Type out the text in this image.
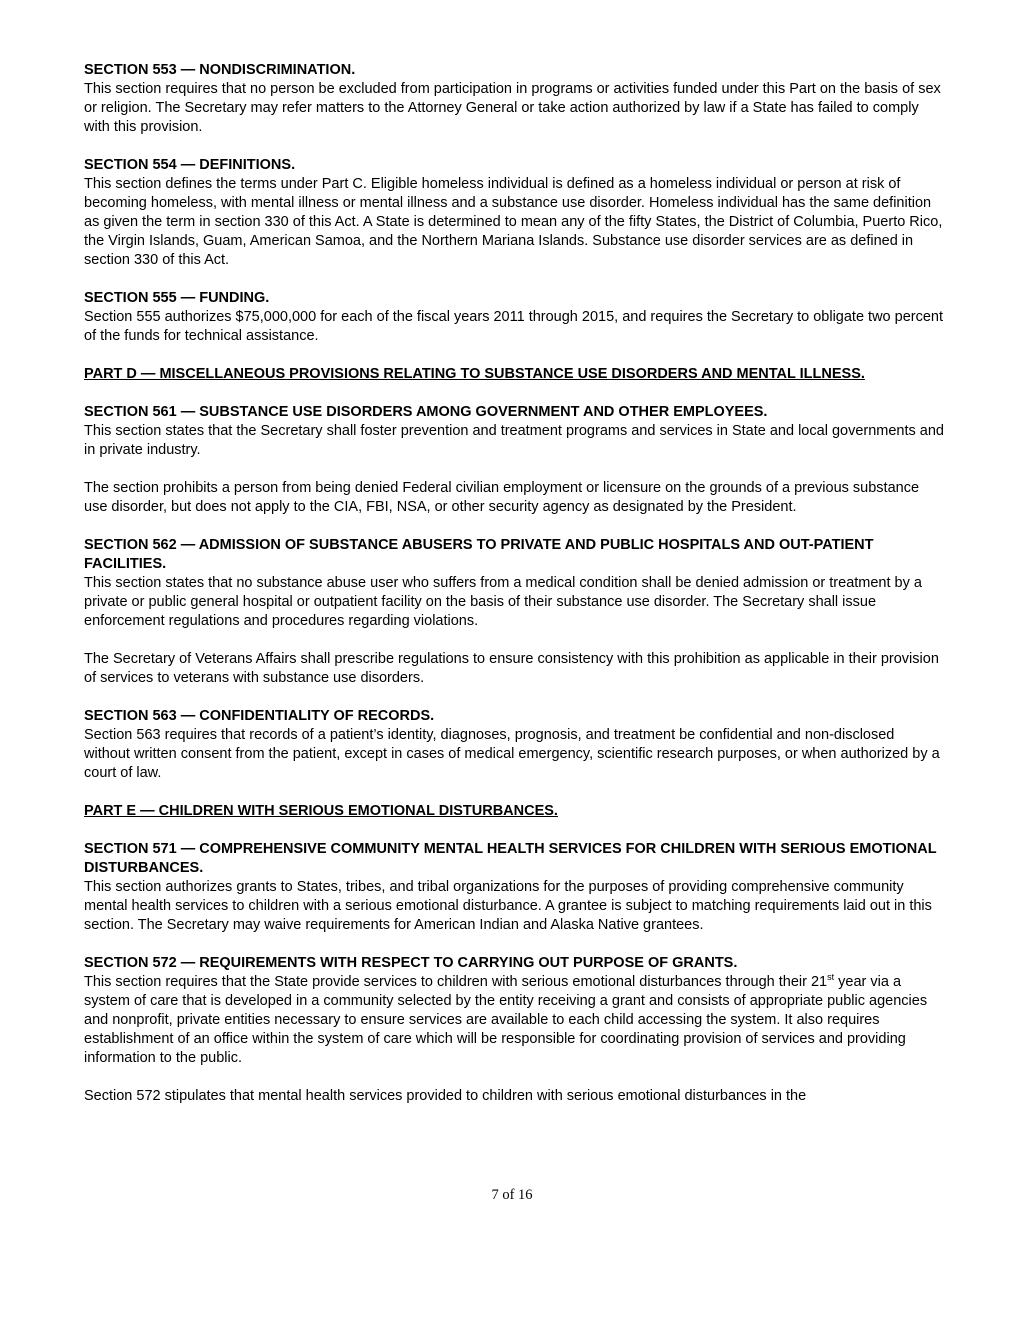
SECTION 553 — NONDISCRIMINATION.

This section requires that no person be excluded from participation in programs or activities funded under this Part on the basis of sex or religion. The Secretary may refer matters to the Attorney General or take action authorized by law if a State has failed to comply with this provision.

SECTION 554 — DEFINITIONS.

This section defines the terms under Part C. Eligible homeless individual is defined as a homeless individual or person at risk of becoming homeless, with mental illness or mental illness and a substance use disorder. Homeless individual has the same definition as given the term in section 330 of this Act. A State is determined to mean any of the fifty States, the District of Columbia, Puerto Rico, the Virgin Islands, Guam, American Samoa, and the Northern Mariana Islands. Substance use disorder services are as defined in section 330 of this Act.

SECTION 555 — FUNDING.

Section 555 authorizes $75,000,000 for each of the fiscal years 2011 through 2015, and requires the Secretary to obligate two percent of the funds for technical assistance.

PART D — MISCELLANEOUS PROVISIONS RELATING TO SUBSTANCE USE DISORDERS AND MENTAL ILLNESS.

SECTION 561 — SUBSTANCE USE DISORDERS AMONG GOVERNMENT AND OTHER EMPLOYEES.

This section states that the Secretary shall foster prevention and treatment programs and services in State and local governments and in private industry.

The section prohibits a person from being denied Federal civilian employment or licensure on the grounds of a previous substance use disorder, but does not apply to the CIA, FBI, NSA, or other security agency as designated by the President.

SECTION 562 — ADMISSION OF SUBSTANCE ABUSERS TO PRIVATE AND PUBLIC HOSPITALS AND OUT-PATIENT FACILITIES.

This section states that no substance abuse user who suffers from a medical condition shall be denied admission or treatment by a private or public general hospital or outpatient facility on the basis of their substance use disorder. The Secretary shall issue enforcement regulations and procedures regarding violations.

The Secretary of Veterans Affairs shall prescribe regulations to ensure consistency with this prohibition as applicable in their provision of services to veterans with substance use disorders.

SECTION 563 — CONFIDENTIALITY OF RECORDS.

Section 563 requires that records of a patient’s identity, diagnoses, prognosis, and treatment be confidential and non-disclosed without written consent from the patient, except in cases of medical emergency, scientific research purposes, or when authorized by a court of law.

PART E — CHILDREN WITH SERIOUS EMOTIONAL DISTURBANCES.

SECTION 571 — COMPREHENSIVE COMMUNITY MENTAL HEALTH SERVICES FOR CHILDREN WITH SERIOUS EMOTIONAL DISTURBANCES.

This section authorizes grants to States, tribes, and tribal organizations for the purposes of providing comprehensive community mental health services to children with a serious emotional disturbance. A grantee is subject to matching requirements laid out in this section. The Secretary may waive requirements for American Indian and Alaska Native grantees.

SECTION 572 — REQUIREMENTS WITH RESPECT TO CARRYING OUT PURPOSE OF GRANTS.

This section requires that the State provide services to children with serious emotional disturbances through their 21st year via a system of care that is developed in a community selected by the entity receiving a grant and consists of appropriate public agencies and nonprofit, private entities necessary to ensure services are available to each child accessing the system. It also requires establishment of an office within the system of care which will be responsible for coordinating provision of services and providing information to the public.

Section 572 stipulates that mental health services provided to children with serious emotional disturbances in the

7 of 16
